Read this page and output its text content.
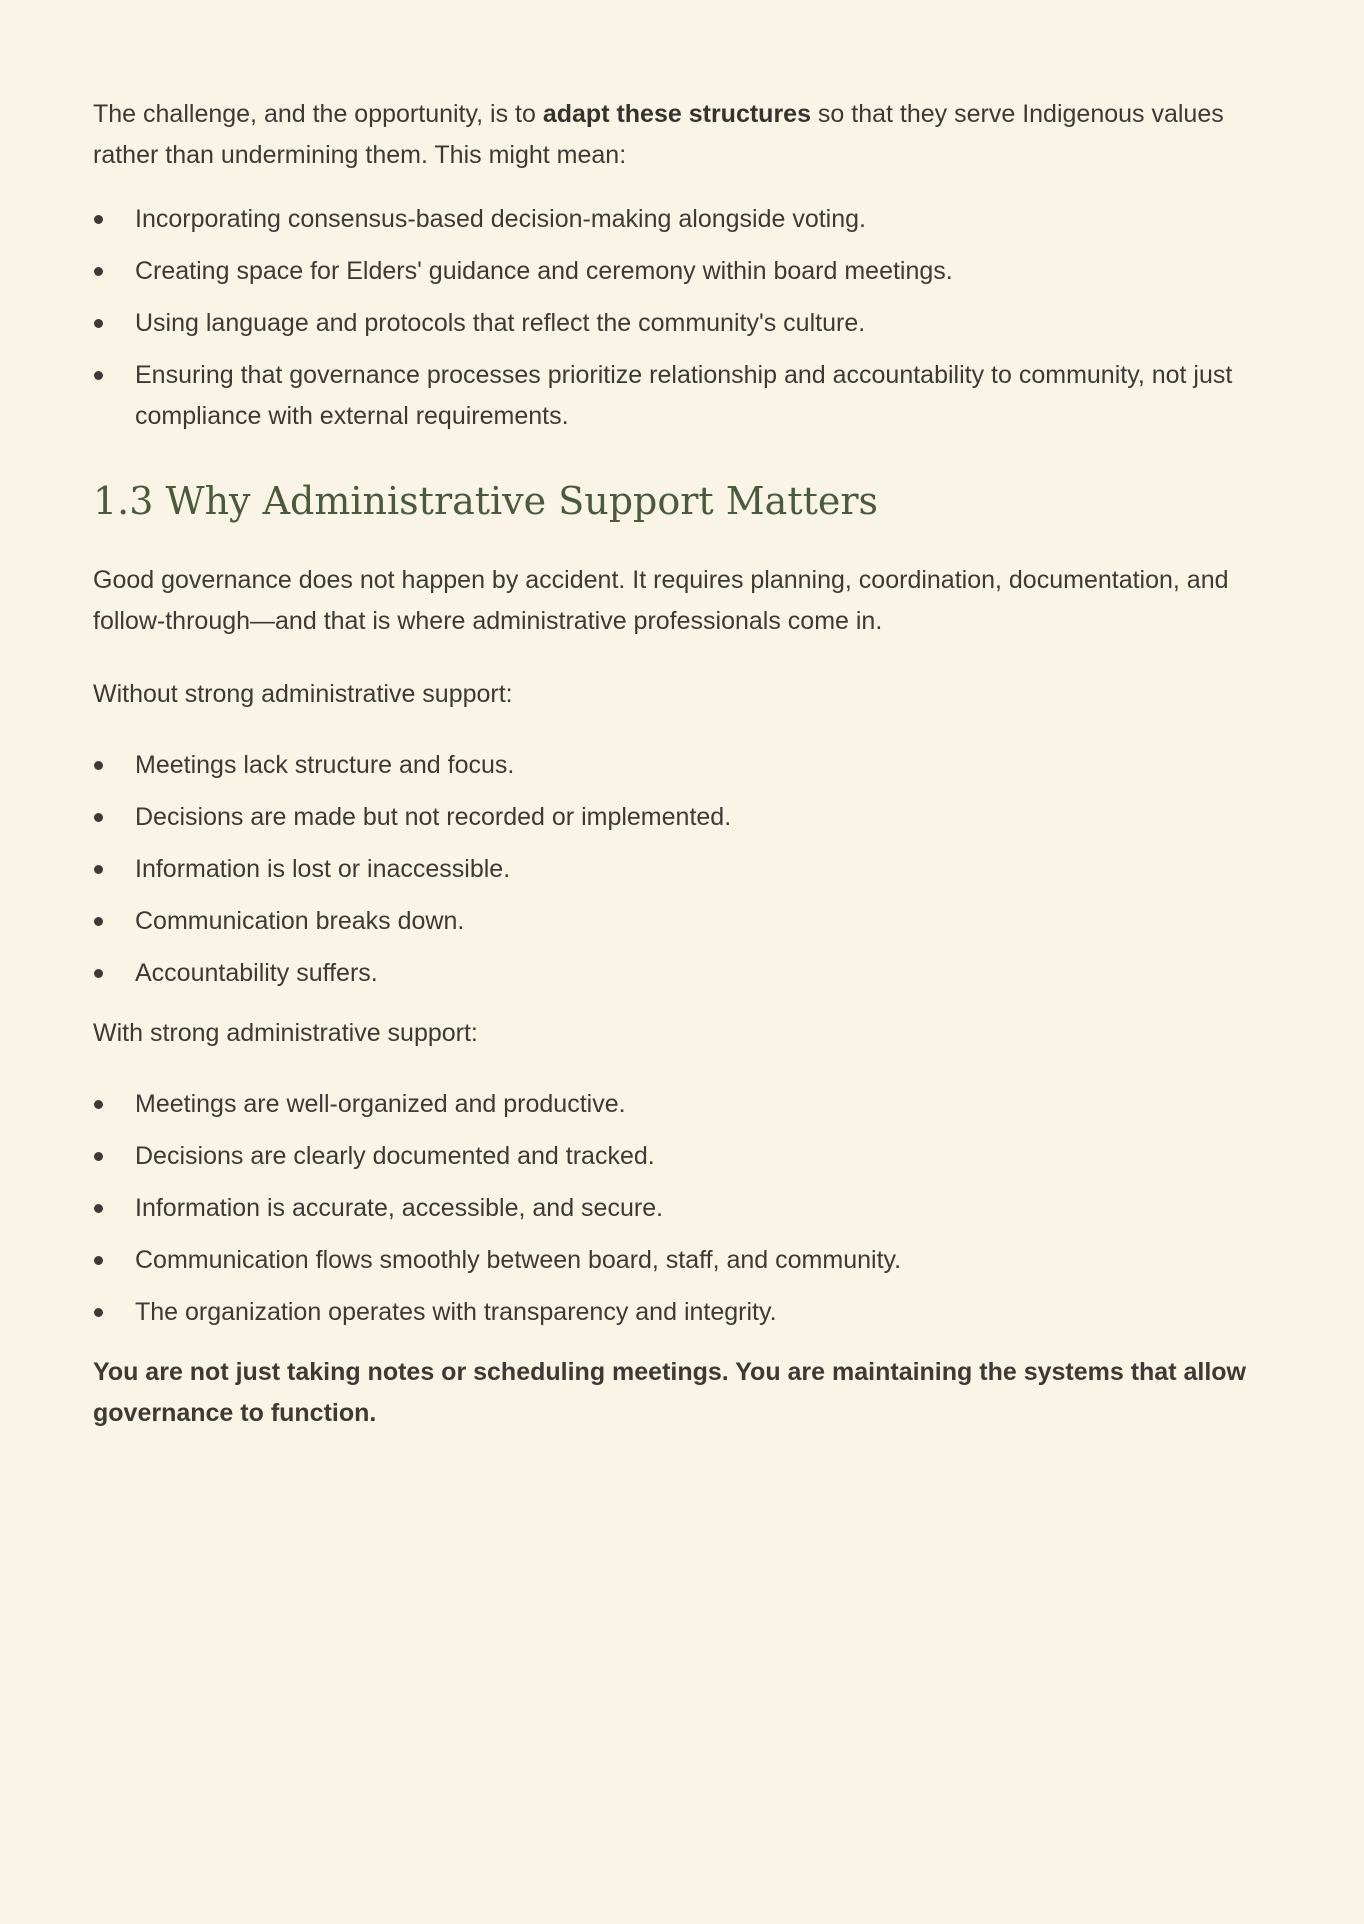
The challenge, and the opportunity, is to adapt these structures so that they serve Indigenous values rather than undermining them. This might mean:

Incorporating consensus-based decision-making alongside voting.
Creating space for Elders' guidance and ceremony within board meetings.
Using language and protocols that reflect the community's culture.
Ensuring that governance processes prioritize relationship and accountability to community, not just compliance with external requirements.
1.3 Why Administrative Support Matters

Good governance does not happen by accident. It requires planning, coordination, documentation, and follow-through—and that is where administrative professionals come in.

Without strong administrative support:

Meetings lack structure and focus.
Decisions are made but not recorded or implemented.
Information is lost or inaccessible.
Communication breaks down.
Accountability suffers.

With strong administrative support:

Meetings are well-organized and productive.
Decisions are clearly documented and tracked.
Information is accurate, accessible, and secure.
Communication flows smoothly between board, staff, and community.
The organization operates with transparency and integrity.

You are not just taking notes or scheduling meetings. You are maintaining the systems that allow governance to function.
